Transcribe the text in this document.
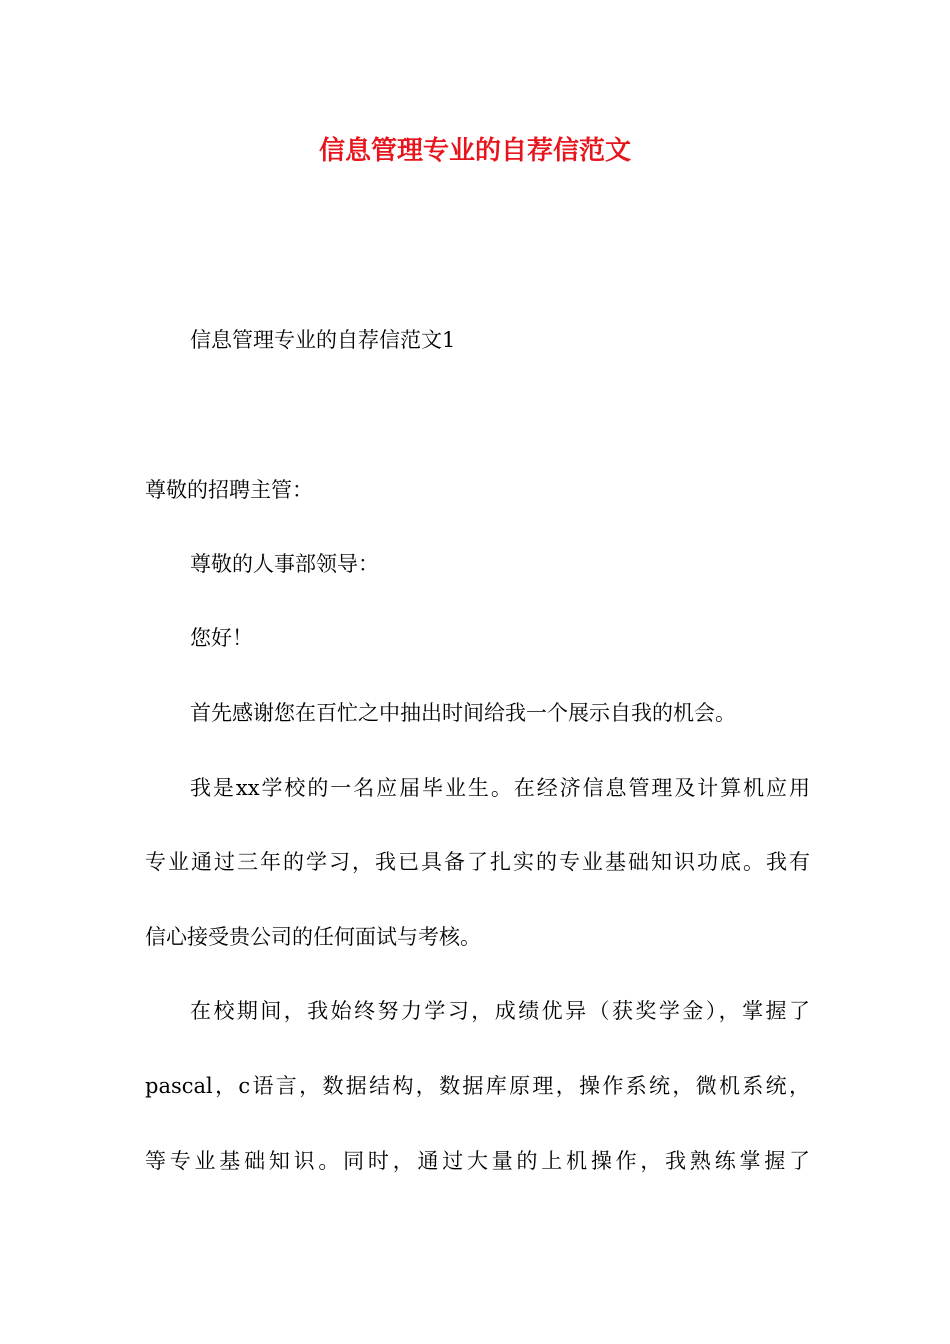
信息管理专业的自荐信范文
信息管理专业的自荐信范文1
尊敬的招聘主管：
尊敬的人事部领导：
您好！
首先感谢您在百忙之中抽出时间给我一个展示自我的机会。
我是xx学校的一名应届毕业生。在经济信息管理及计算机应用
专业通过三年的学习，我已具备了扎实的专业基础知识功底。我有
信心接受贵公司的任何面试与考核。
在校期间，我始终努力学习，成绩优异（获奖学金），掌握了
pascal，c语言，数据结构，数据库原理，操作系统，微机系统，
等专业基础知识。同时，通过大量的上机操作，我熟练掌握了
